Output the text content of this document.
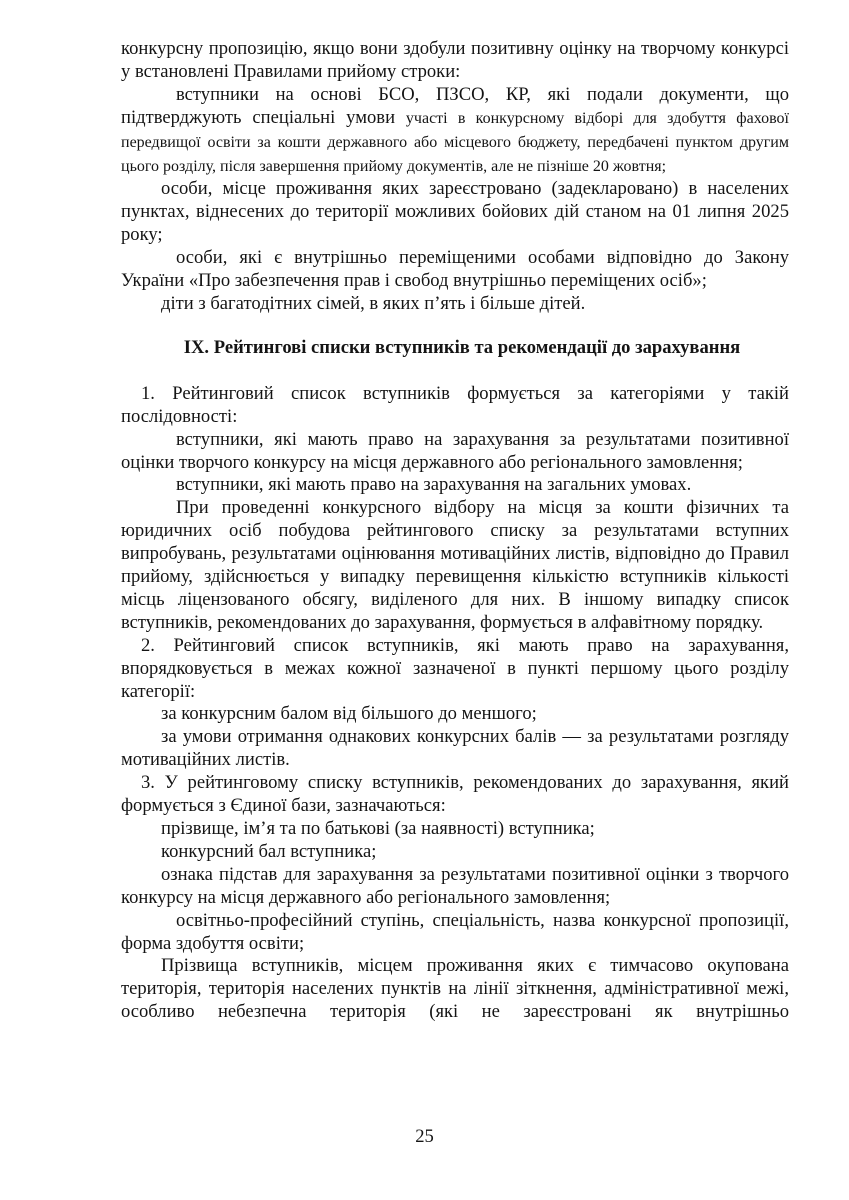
конкурсну пропозицію, якщо вони здобули позитивну оцінку на творчому конкурсі у встановлені Правилами прийому строки:

вступники на основі БСО, ПЗСО, КР, які подали документи, що підтверджують спеціальні умови участі в конкурсному відборі для здобуття фахової передвищої освіти за кошти державного або місцевого бюджету, передбачені пунктом другим цього розділу, після завершення прийому документів, але не пізніше 20 жовтня;

особи, місце проживання яких зареєстровано (задекларовано) в населених пунктах, віднесених до території можливих бойових дій станом на 01 липня 2025 року;

особи, які є внутрішньо переміщеними особами відповідно до Закону України «Про забезпечення прав і свобод внутрішньо переміщених осіб»;

діти з багатодітних сімей, в яких п’ять і більше дітей.

ІХ. Рейтингові списки вступників та рекомендації до зарахування

1. Рейтинговий список вступників формується за категоріями у такій послідовності:

вступники, які мають право на зарахування за результатами позитивної оцінки творчого конкурсу на місця державного або регіонального замовлення;

вступники, які мають право на зарахування на загальних умовах.

При проведенні конкурсного відбору на місця за кошти фізичних та юридичних осіб побудова рейтингового списку за результатами вступних випробувань, результатами оцінювання мотиваційних листів, відповідно до Правил прийому, здійснюється у випадку перевищення кількістю вступників кількості місць ліцензованого обсягу, виділеного для них. В іншому випадку список вступників, рекомендованих до зарахування, формується в алфавітному порядку.

2. Рейтинговий список вступників, які мають право на зарахування, впорядковується в межах кожної зазначеної в пункті першому цього розділу категорії:

за конкурсним балом від більшого до меншого;

за умови отримання однакових конкурсних балів — за результатами розгляду мотиваційних листів.

3. У рейтинговому списку вступників, рекомендованих до зарахування, який формується з Єдиної бази, зазначаються:

прізвище, ім’я та по батькові (за наявності) вступника;

конкурсний бал вступника;

ознака підстав для зарахування за результатами позитивної оцінки з творчого конкурсу на місця державного або регіонального замовлення;

освітньо-професійний ступінь, спеціальність, назва конкурсної пропозиції, форма здобуття освіти;

Прізвища вступників, місцем проживання яких є тимчасово окупована територія, територія населених пунктів на лінії зіткнення, адміністративної межі, особливо небезпечна територія (які не зареєстровані як внутрішньо

25
